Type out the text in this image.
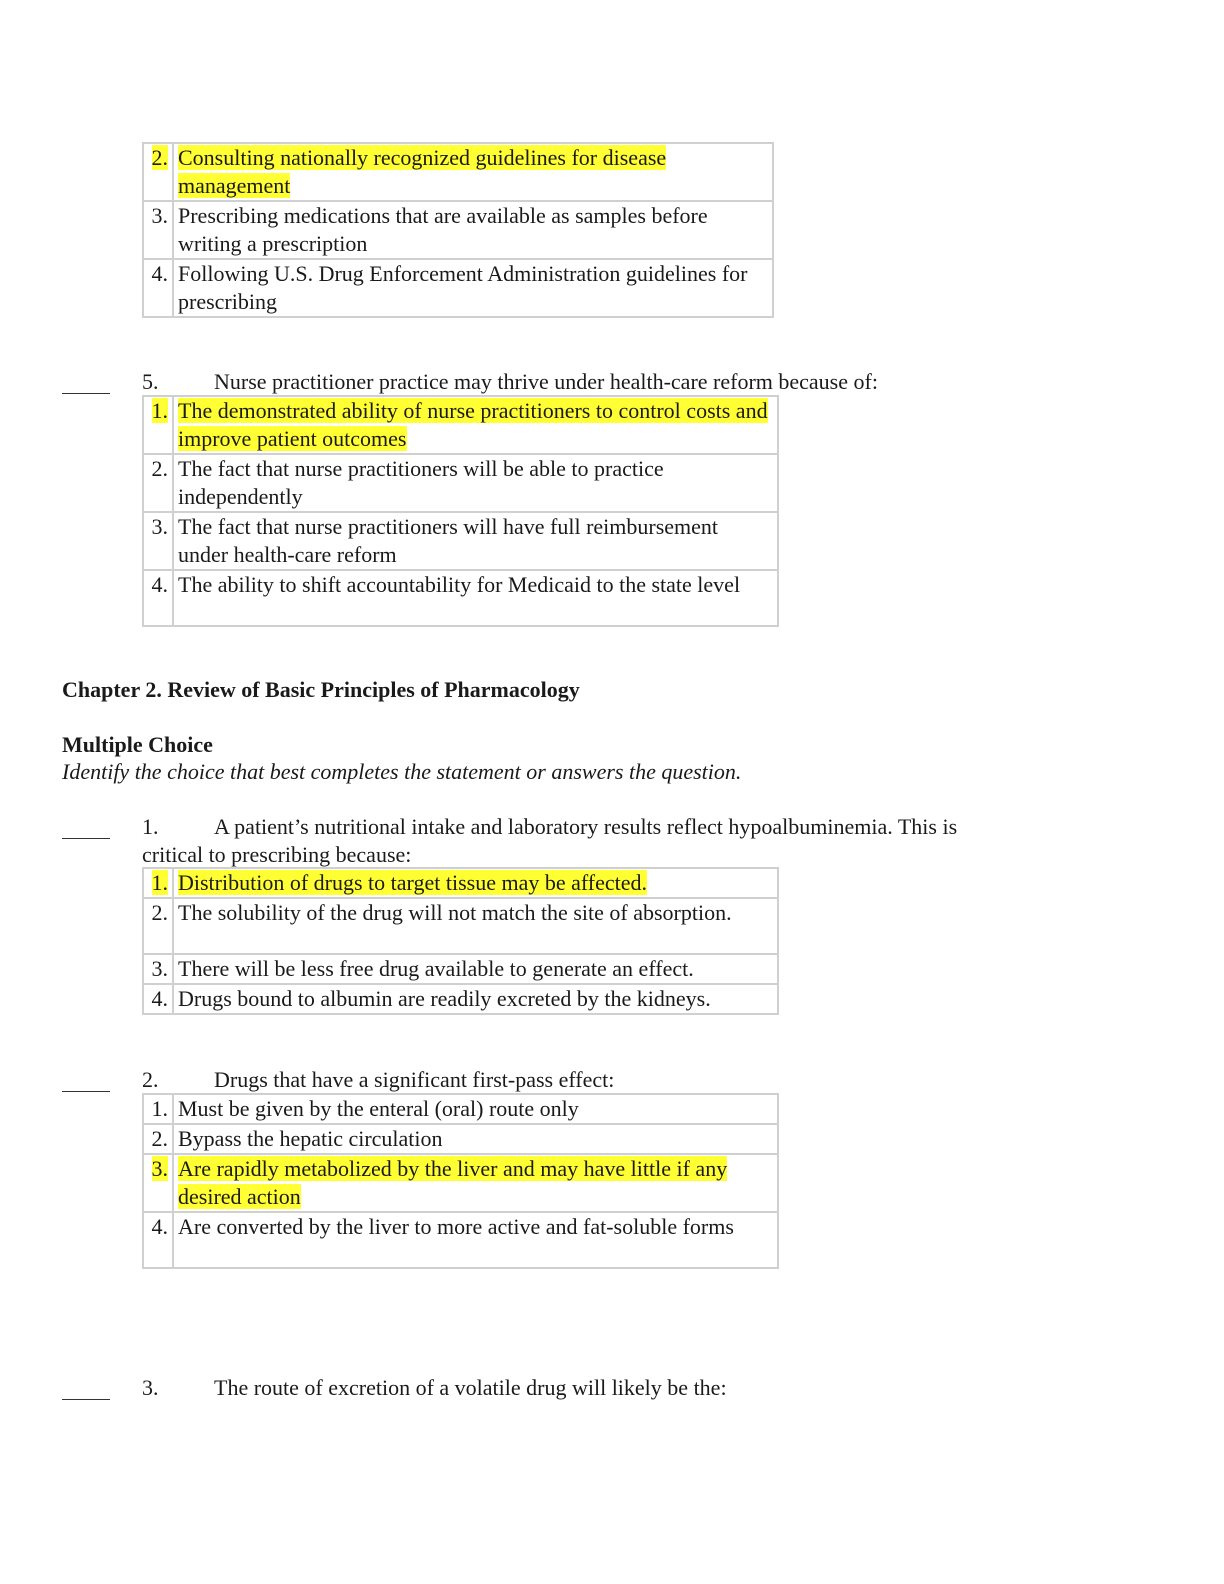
2.	Consulting nationally recognized guidelines for disease management
3.	Prescribing medications that are available as samples before writing a prescription
4.	Following U.S. Drug Enforcement Administration guidelines for prescribing
5.	Nurse practitioner practice may thrive under health-care reform because of:
1.	The demonstrated ability of nurse practitioners to control costs and improve patient outcomes
2.	The fact that nurse practitioners will be able to practice independently
3.	The fact that nurse practitioners will have full reimbursement under health-care reform
4.	The ability to shift accountability for Medicaid to the state level
Chapter 2. Review of Basic Principles of Pharmacology
Multiple Choice
Identify the choice that best completes the statement or answers the question.
1.	A patient’s nutritional intake and laboratory results reflect hypoalbuminemia. This is
critical to prescribing because:
1.	Distribution of drugs to target tissue may be affected.
2.	The solubility of the drug will not match the site of absorption.
3.	There will be less free drug available to generate an effect.
4.	Drugs bound to albumin are readily excreted by the kidneys.
2.	Drugs that have a significant first-pass effect:
1.	Must be given by the enteral (oral) route only
2.	Bypass the hepatic circulation
3.	Are rapidly metabolized by the liver and may have little if any desired action
4.	Are converted by the liver to more active and fat-soluble forms
3.	The route of excretion of a volatile drug will likely be the:
